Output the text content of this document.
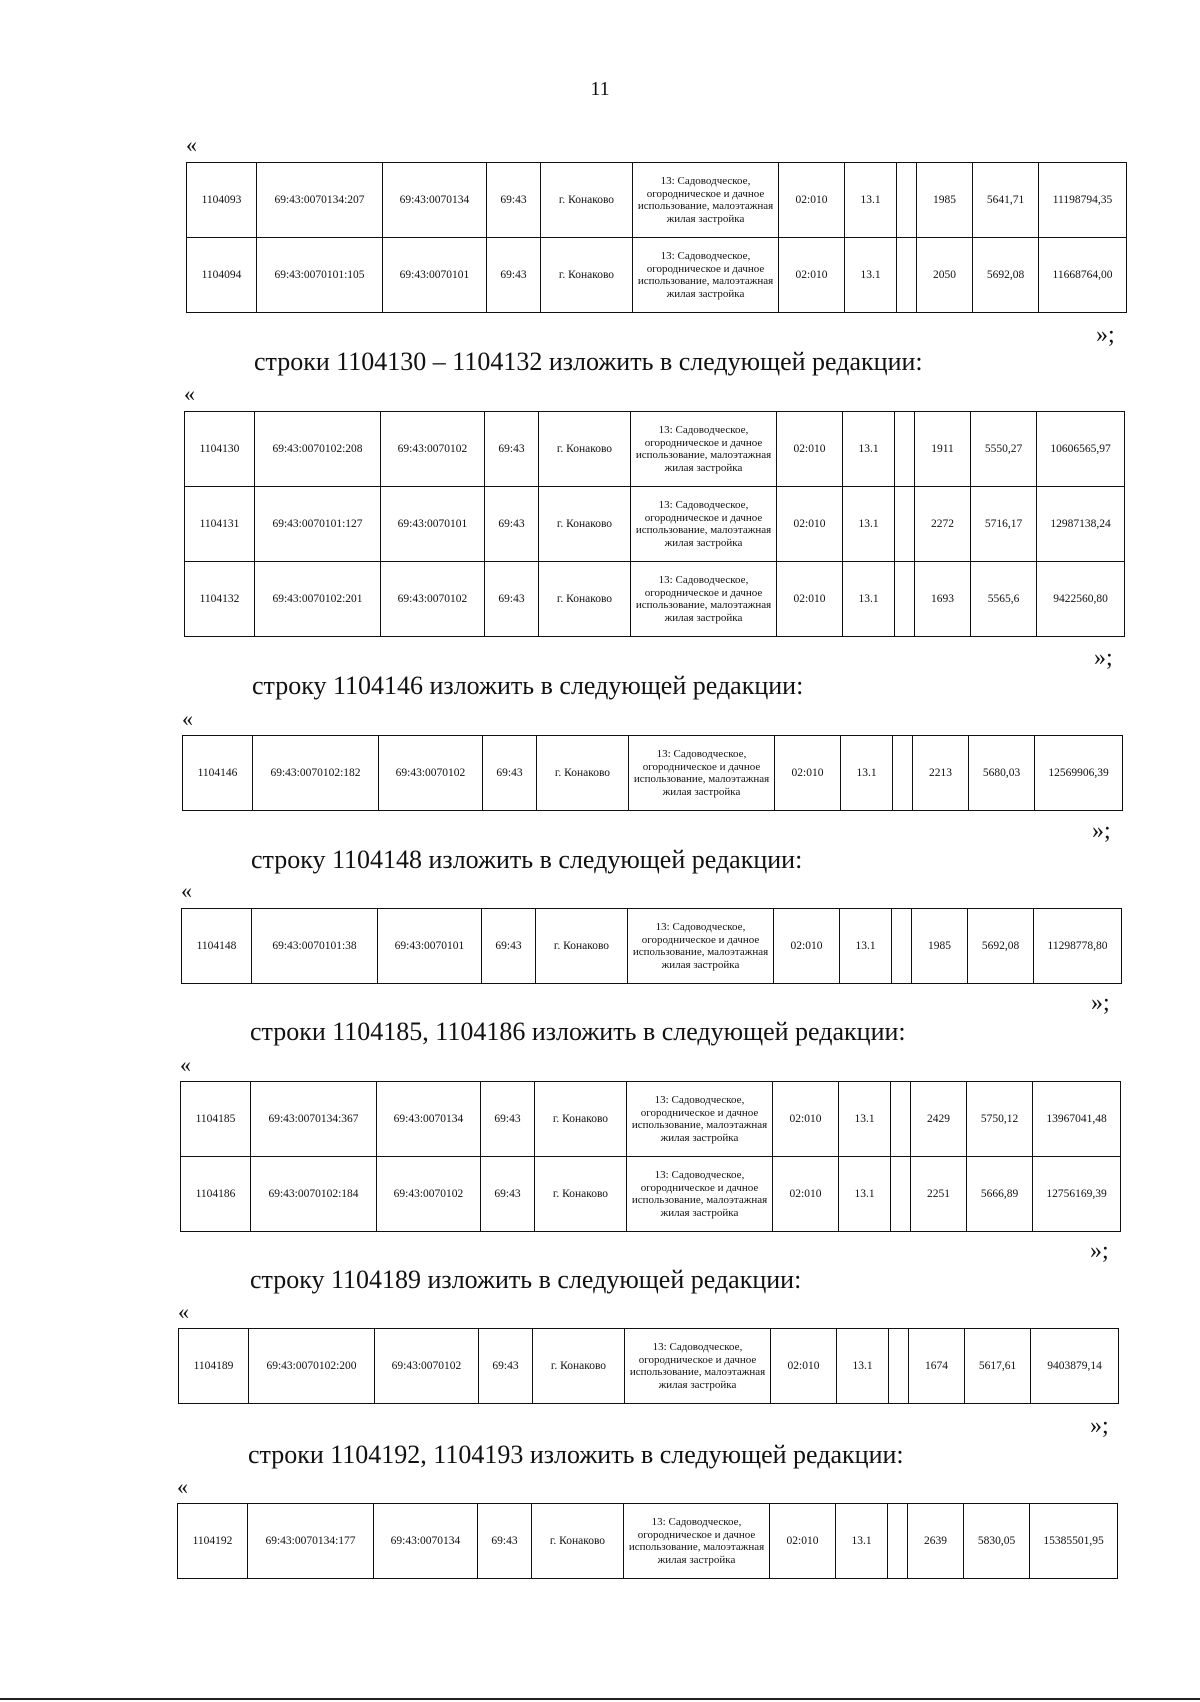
11
«
1104093	69:43:0070134:207	69:43:0070134	69:43	г. Конаково	13: Садоводческое, огородническое и дачное использование, малоэтажная жилая застройка	02:010	13.1		1985	5641,71	11198794,35
1104094	69:43:0070101:105	69:43:0070101	69:43	г. Конаково	13: Садоводческое, огородническое и дачное использование, малоэтажная жилая застройка	02:010	13.1		2050	5692,08	11668764,00
»;
строки 1104130 – 1104132 изложить в следующей редакции:
«
1104130	69:43:0070102:208	69:43:0070102	69:43	г. Конаково	13: Садоводческое, огородническое и дачное использование, малоэтажная жилая застройка	02:010	13.1		1911	5550,27	10606565,97
1104131	69:43:0070101:127	69:43:0070101	69:43	г. Конаково	13: Садоводческое, огородническое и дачное использование, малоэтажная жилая застройка	02:010	13.1		2272	5716,17	12987138,24
1104132	69:43:0070102:201	69:43:0070102	69:43	г. Конаково	13: Садоводческое, огородническое и дачное использование, малоэтажная жилая застройка	02:010	13.1		1693	5565,6	9422560,80
»;
строку 1104146 изложить в следующей редакции:
«
1104146	69:43:0070102:182	69:43:0070102	69:43	г. Конаково	13: Садоводческое, огородническое и дачное использование, малоэтажная жилая застройка	02:010	13.1		2213	5680,03	12569906,39
»;
строку 1104148 изложить в следующей редакции:
«
1104148	69:43:0070101:38	69:43:0070101	69:43	г. Конаково	13: Садоводческое, огородническое и дачное использование, малоэтажная жилая застройка	02:010	13.1		1985	5692,08	11298778,80
»;
строки 1104185, 1104186 изложить в следующей редакции:
«
1104185	69:43:0070134:367	69:43:0070134	69:43	г. Конаково	13: Садоводческое, огородническое и дачное использование, малоэтажная жилая застройка	02:010	13.1		2429	5750,12	13967041,48
1104186	69:43:0070102:184	69:43:0070102	69:43	г. Конаково	13: Садоводческое, огородническое и дачное использование, малоэтажная жилая застройка	02:010	13.1		2251	5666,89	12756169,39
»;
строку 1104189 изложить в следующей редакции:
«
1104189	69:43:0070102:200	69:43:0070102	69:43	г. Конаково	13: Садоводческое, огородническое и дачное использование, малоэтажная жилая застройка	02:010	13.1		1674	5617,61	9403879,14
»;
строки 1104192, 1104193 изложить в следующей редакции:
«
1104192	69:43:0070134:177	69:43:0070134	69:43	г. Конаково	13: Садоводческое, огородническое и дачное использование, малоэтажная жилая застройка	02:010	13.1		2639	5830,05	15385501,95
